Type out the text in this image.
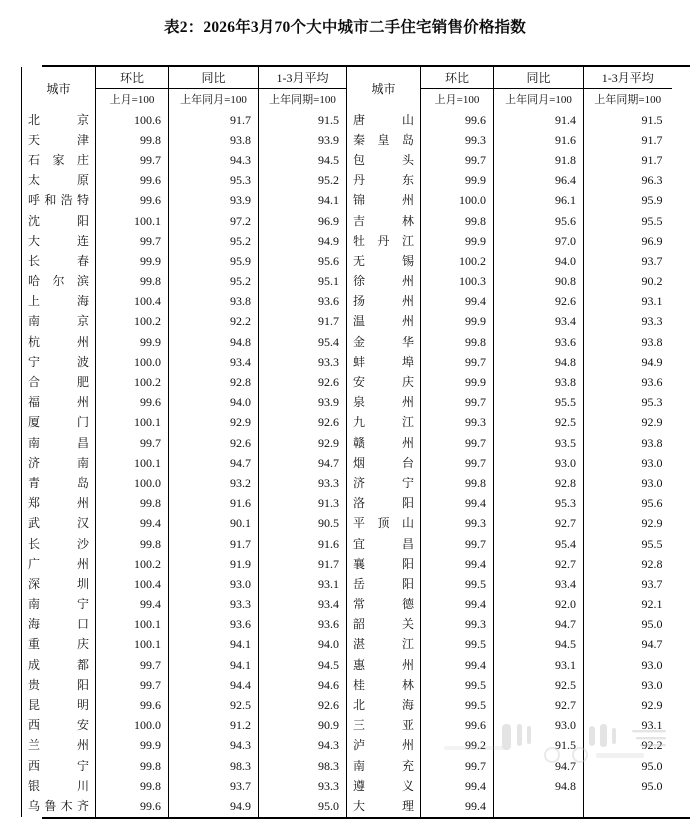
表2：2026年3月70个大中城市二手住宅销售价格指数
城市	环比	同比	1-3月平均	城市	环比	同比	1-3月平均
	上月=100	上年同月=100	上年同期=100		上月=100	上年同月=100	上年同期=100
北京	100.6	91.7	91.5	唐山	99.6	91.4	91.5
天津	99.8	93.8	93.9	秦皇岛	99.3	91.6	91.7
石家庄	99.7	94.3	94.5	包头	99.7	91.8	91.7
太原	99.6	95.3	95.2	丹东	99.9	96.4	96.3
呼和浩特	99.6	93.9	94.1	锦州	100.0	96.1	95.9
沈阳	100.1	97.2	96.9	吉林	99.8	95.6	95.5
大连	99.7	95.2	94.9	牡丹江	99.9	97.0	96.9
长春	99.9	95.9	95.6	无锡	100.2	94.0	93.7
哈尔滨	99.8	95.2	95.1	徐州	100.3	90.8	90.2
上海	100.4	93.8	93.6	扬州	99.4	92.6	93.1
南京	100.2	92.2	91.7	温州	99.9	93.4	93.3
杭州	99.9	94.8	95.4	金华	99.8	93.6	93.8
宁波	100.0	93.4	93.3	蚌埠	99.7	94.8	94.9
合肥	100.2	92.8	92.6	安庆	99.9	93.8	93.6
福州	99.6	94.0	93.9	泉州	99.7	95.5	95.3
厦门	100.1	92.9	92.6	九江	99.3	92.5	92.9
南昌	99.7	92.6	92.9	赣州	99.7	93.5	93.8
济南	100.1	94.7	94.7	烟台	99.7	93.0	93.0
青岛	100.0	93.2	93.3	济宁	99.8	92.8	93.0
郑州	99.8	91.6	91.3	洛阳	99.4	95.3	95.6
武汉	99.4	90.1	90.5	平顶山	99.3	92.7	92.9
长沙	99.8	91.7	91.6	宜昌	99.7	95.4	95.5
广州	100.2	91.9	91.7	襄阳	99.4	92.7	92.8
深圳	100.4	93.0	93.1	岳阳	99.5	93.4	93.7
南宁	99.4	93.3	93.4	常德	99.4	92.0	92.1
海口	100.1	93.6	93.6	韶关	99.3	94.7	95.0
重庆	100.1	94.1	94.0	湛江	99.5	94.5	94.7
成都	99.7	94.1	94.5	惠州	99.4	93.1	93.0
贵阳	99.7	94.4	94.6	桂林	99.5	92.5	93.0
昆明	99.6	92.5	92.6	北海	99.5	92.7	92.9
西安	100.0	91.2	90.9	三亚	99.6	93.0	93.1
兰州	99.9	94.3	94.3	泸州	99.2	91.5	92.2
西宁	99.8	98.3	98.3	南充	99.7	94.7	95.0
银川	99.8	93.7	93.3	遵义	99.4	94.8	95.0
乌鲁木齐	99.6	94.9	95.0	大理	99.4		
